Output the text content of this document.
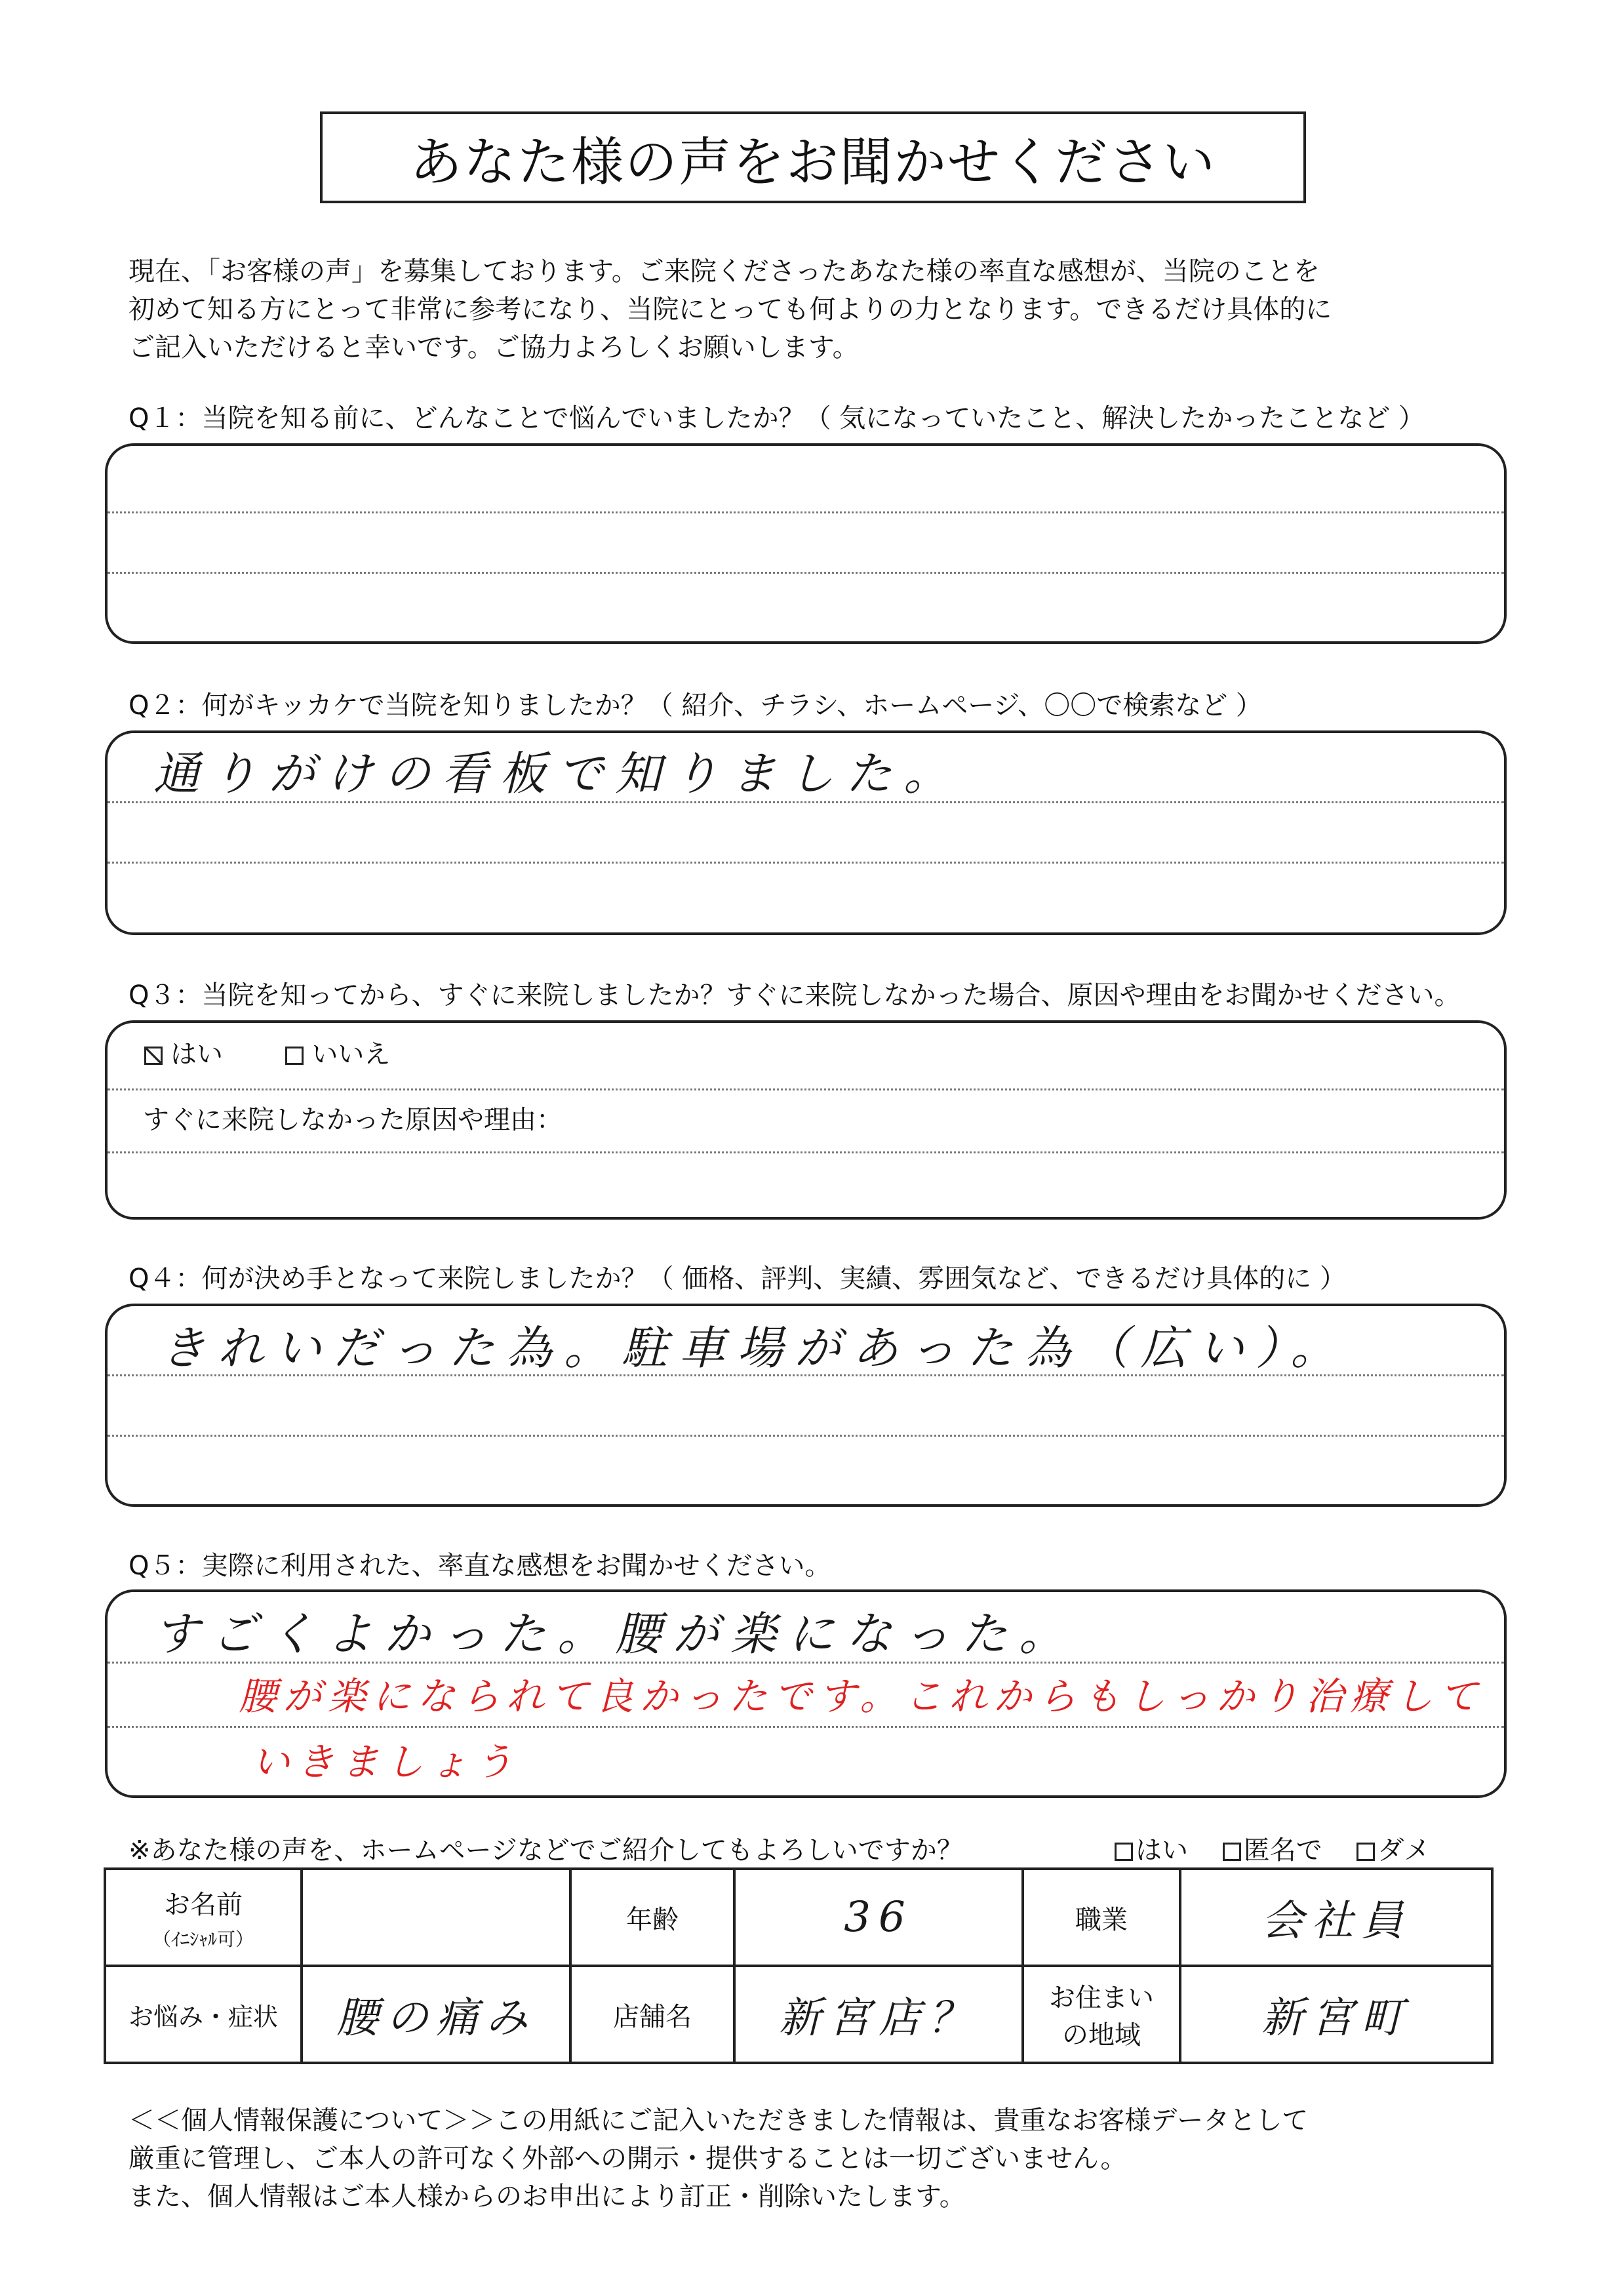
あなた様の声をお聞かせください
現在、「お客様の声」を募集しております。ご来院くださったあなた様の率直な感想が、当院のことを
初めて知る方にとって非常に参考になり、当院にとっても何よりの力となります。できるだけ具体的に
ご記入いただけると幸いです。ご協力よろしくお願いします。
Q１：当院を知る前に、どんなことで悩んでいましたか？（ 気になっていたこと、解決したかったことなど ）
Q２：何がキッカケで当院を知りましたか？（ 紹介、チラシ、ホームページ、〇〇で検索など ）
通りがけの看板で知りました。
Q３：当院を知ってから、すぐに来院しましたか？すぐに来院しなかった場合、原因や理由をお聞かせください。
はい	いいえ
すぐに来院しなかった原因や理由：
Q４：何が決め手となって来院しましたか？（ 価格、評判、実績、雰囲気など、できるだけ具体的に ）
きれいだった為。駐車場があった為（広い）。
Q５：実際に利用された、率直な感想をお聞かせください。
すごくよかった。腰が楽になった。
腰が楽になられて良かったです。これからもしっかり治療して
いきましょう
※あなた様の声を、ホームページなどでご紹介してもよろしいですか？	はい 匿名で ダメ
お名前
（ｲﾆｼｬﾙ可）		年齢	36	職業	会社員
お悩み・症状	腰の痛み	店舗名	新宮店？	お住まい
の地域	新宮町
＜＜個人情報保護について＞＞この用紙にご記入いただきました情報は、貴重なお客様データとして
厳重に管理し、ご本人の許可なく外部への開示・提供することは一切ございません。
また、個人情報はご本人様からのお申出により訂正・削除いたします。
